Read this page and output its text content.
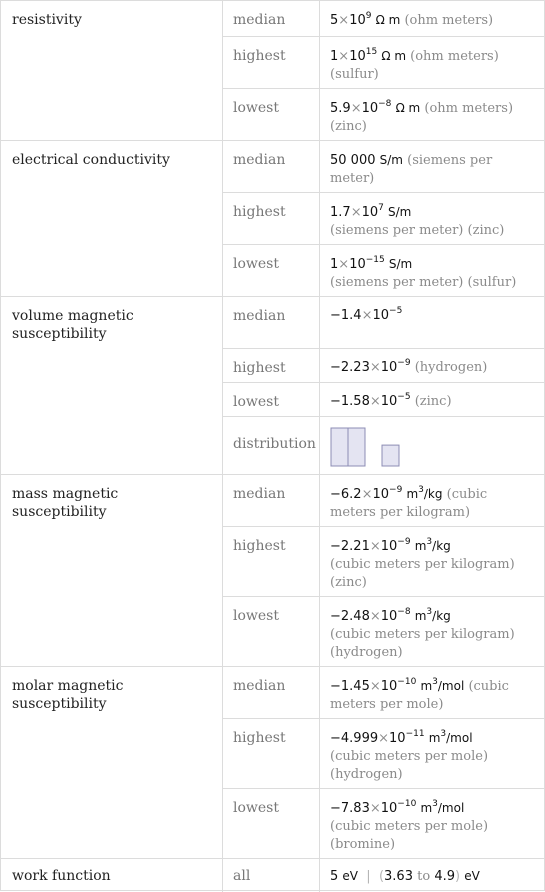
resistivity	median	$5\times 10^9$ Ω m (ohm meters)
highest	$1\times 10^{15}$ Ω m (ohm meters)
(sulfur)
lowest	$5.9\times 10^{-8}$ Ω m (ohm meters)
(zinc)
electrical conductivity	median	50 000 S/m (siemens per meter)
highest	$1.7\times 10^7$ S/m
(siemens per meter) (zinc)
lowest	$1\times 10^{-15}$ S/m
(siemens per meter) (sulfur)
volume magnetic susceptibility
median	$-1.4\times 10^{-5}$
highest	$-2.23\times 10^{-9}$ (hydrogen)
lowest	$-1.58\times 10^{-5}$ (zinc)
distribution
mass magnetic susceptibility
median	$-6.2\times 10^{-9}$ $m^3/kg$ (cubic meters per kilogram)
highest	$-2.21\times 10^{-9}$ $m^3/kg$
(cubic meters per kilogram)
(zinc)
lowest	$-2.48\times 10^{-8}$ $m^3/kg$
(cubic meters per kilogram)
(hydrogen)
molar magnetic susceptibility
median	$-1.45\times 10^{-10}$ $m^3$/mol (cubic meters per mole)
highest	$-4.999\times 10^{-11}$ $m^3$/mol
(cubic meters per mole)
(hydrogen)
lowest	$-7.83\times 10^{-10}$ $m^3$/mol
(cubic meters per mole)
(bromine)
work function	all	5 eV | (3.63 to 4.9) eV
